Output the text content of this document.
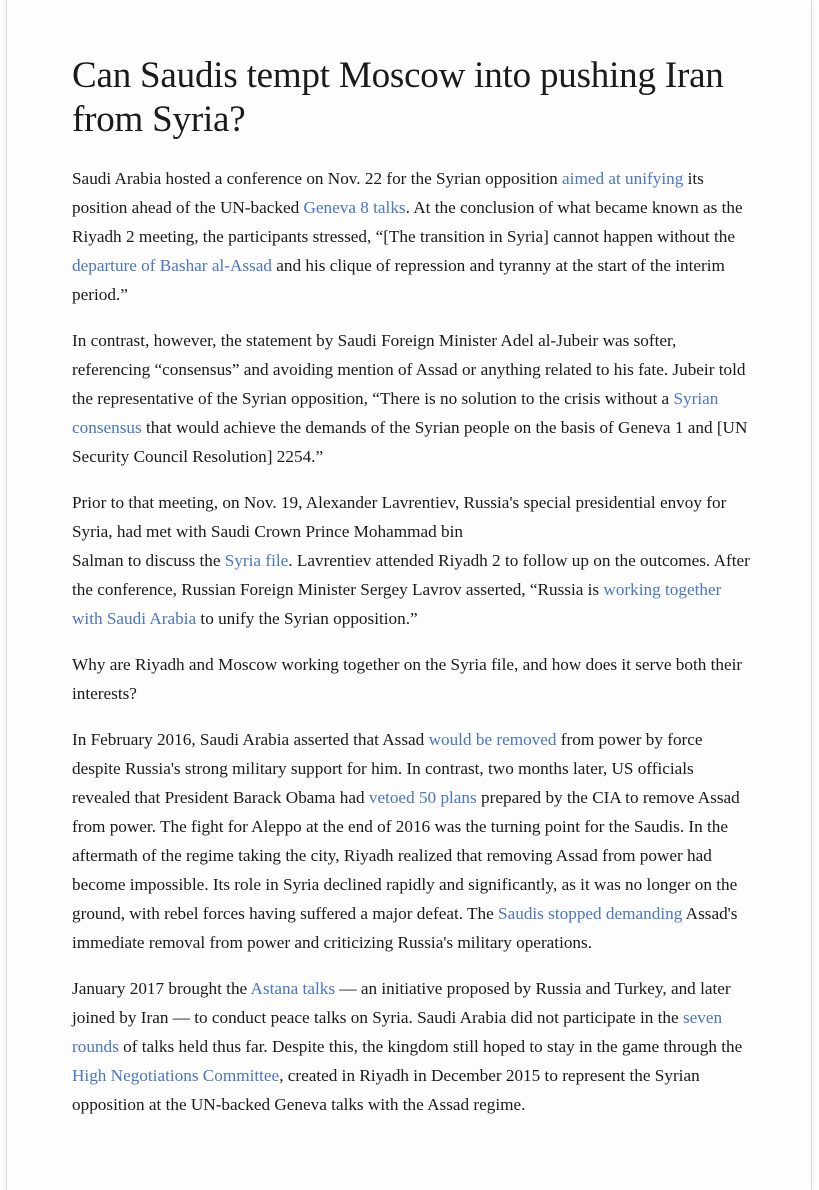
Can Saudis tempt Moscow into pushing Iran from Syria?

Saudi Arabia hosted a conference on Nov. 22 for the Syrian opposition aimed at unifying its position ahead of the UN-backed Geneva 8 talks. At the conclusion of what became known as the Riyadh 2 meeting, the participants stressed, “[The transition in Syria] cannot happen without the departure of Bashar al-Assad and his clique of repression and tyranny at the start of the interim period.”

In contrast, however, the statement by Saudi Foreign Minister Adel al-Jubeir was softer, referencing “consensus” and avoiding mention of Assad or anything related to his fate. Jubeir told the representative of the Syrian opposition, “There is no solution to the crisis without a Syrian consensus that would achieve the demands of the Syrian people on the basis of Geneva 1 and [UN Security Council Resolution] 2254.”

Prior to that meeting, on Nov. 19, Alexander Lavrentiev, Russia's special presidential envoy for Syria, had met with Saudi Crown Prince Mohammad bin
Salman to discuss the Syria file. Lavrentiev attended Riyadh 2 to follow up on the outcomes. After the conference, Russian Foreign Minister Sergey Lavrov asserted, “Russia is working together with Saudi Arabia to unify the Syrian opposition.”

Why are Riyadh and Moscow working together on the Syria file, and how does it serve both their interests?

In February 2016, Saudi Arabia asserted that Assad would be removed from power by force despite Russia's strong military support for him. In contrast, two months later, US officials revealed that President Barack Obama had vetoed 50 plans prepared by the CIA to remove Assad from power. The fight for Aleppo at the end of 2016 was the turning point for the Saudis. In the aftermath of the regime taking the city, Riyadh realized that removing Assad from power had become impossible. Its role in Syria declined rapidly and significantly, as it was no longer on the ground, with rebel forces having suffered a major defeat. The Saudis stopped demanding Assad's immediate removal from power and criticizing Russia's military operations.

January 2017 brought the Astana talks — an initiative proposed by Russia and Turkey, and later joined by Iran — to conduct peace talks on Syria. Saudi Arabia did not participate in the seven rounds of talks held thus far. Despite this, the kingdom still hoped to stay in the game through the High Negotiations Committee, created in Riyadh in December 2015 to represent the Syrian opposition at the UN-backed Geneva talks with the Assad regime.
